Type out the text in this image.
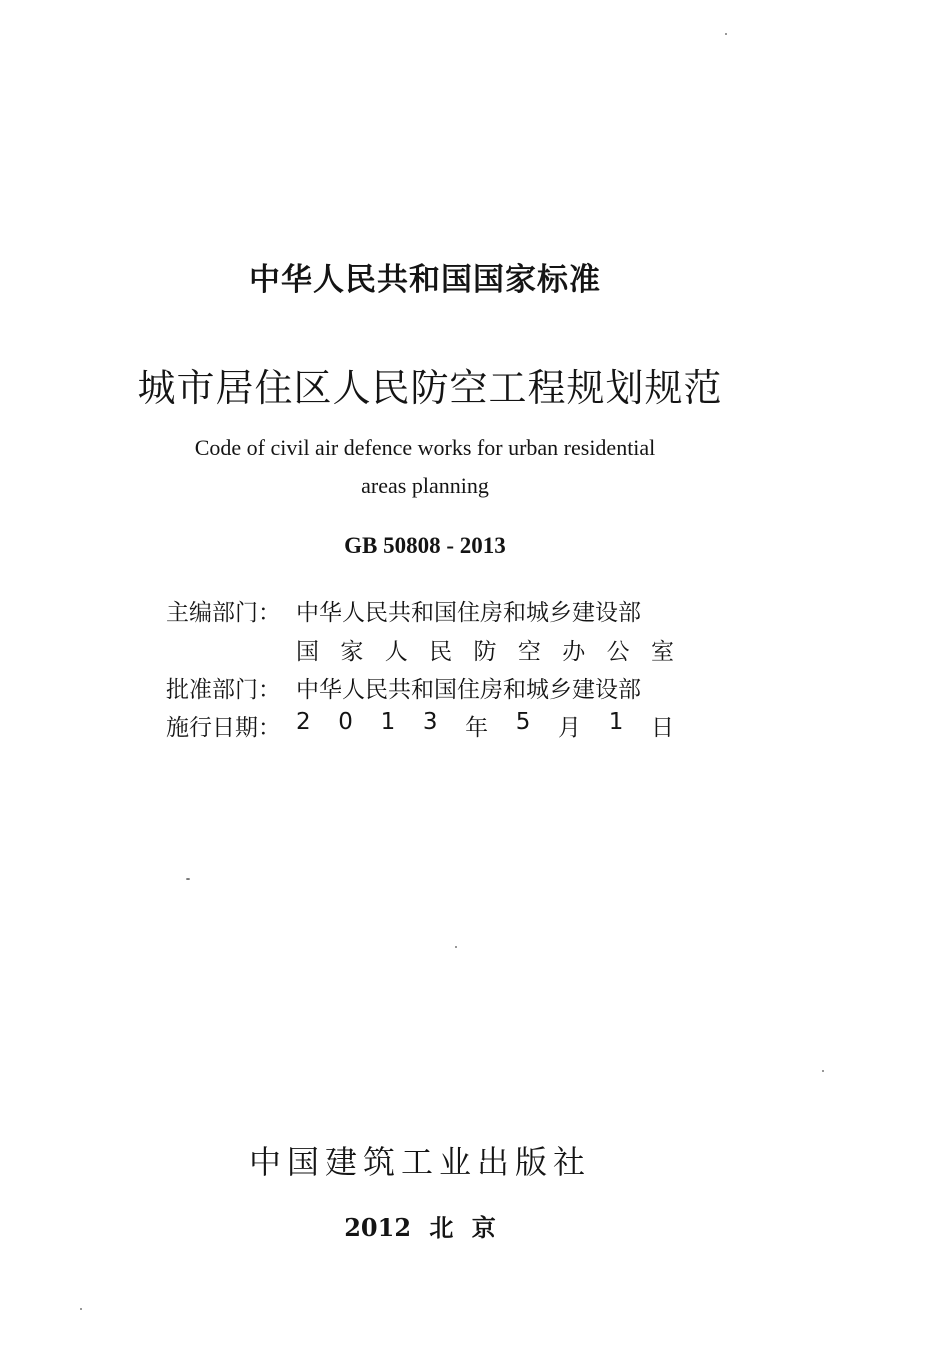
中华人民共和国国家标准
城市居住区人民防空工程规划规范
Code of civil air defence works for urban residential
areas planning
GB 50808 - 2013
主编部门： 中华人民共和国住房和城乡建设部
国 家 人 民 防 空 办 公 室
批准部门： 中华人民共和国住房和城乡建设部
施行日期： 2 0 1 3 年 5 月 1 日
中国建筑工业出版社
2012 北 京
